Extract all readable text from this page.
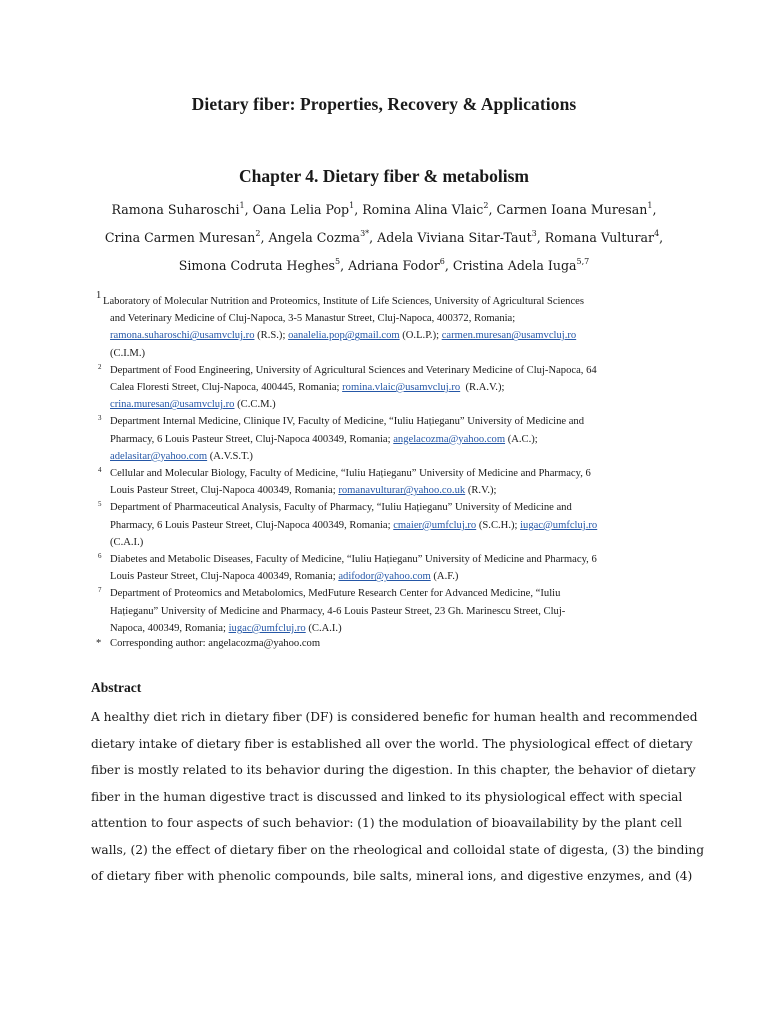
Dietary fiber: Properties, Recovery & Applications
Chapter 4. Dietary fiber & metabolism
Ramona Suharoschi$^1$, Oana Lelia Pop$^1$, Romina Alina Vlaic$^2$, Carmen Ioana Muresan$^1$, Crina Carmen Muresan$^2$, Angela Cozma$^{3*}$, Adela Viviana Sitar-Taut$^3$, Romana Vulturar$^4$, Simona Codruta Heghes$^5$, Adriana Fodor$^6$, Cristina Adela Iuga$^{5,7}$
1
Laboratory of Molecular Nutrition and Proteomics, Institute of Life Sciences, University of Agricultural Sciences
and Veterinary Medicine of Cluj-Napoca, 3-5 Manastur Street, Cluj-Napoca, 400372, Romania;
ramona.suharoschi@usamvcluj.ro (R.S.); oanalelia.pop@gmail.com (O.L.P.); carmen.muresan@usamvcluj.ro
(C.I.M.)
2 Department of Food Engineering, University of Agricultural Sciences and Veterinary Medicine of Cluj-Napoca, 64
Calea Floresti Street, Cluj-Napoca, 400445, Romania; romina.vlaic@usamvcluj.ro  (R.A.V.);
crina.muresan@usamvcluj.ro (C.C.M.)
3 Department Internal Medicine, Clinique IV, Faculty of Medicine, “Iuliu Hațieganu” University of Medicine and
Pharmacy, 6 Louis Pasteur Street, Cluj-Napoca 400349, Romania; angelacozma@yahoo.com (A.C.);
adelasitar@yahoo.com (A.V.S.T.)
4 Cellular and Molecular Biology, Faculty of Medicine, “Iuliu Hațieganu” University of Medicine and Pharmacy, 6
Louis Pasteur Street, Cluj-Napoca 400349, Romania; romanavulturar@yahoo.co.uk (R.V.);
5 Department of Pharmaceutical Analysis, Faculty of Pharmacy, “Iuliu Hațieganu” University of Medicine and
Pharmacy, 6 Louis Pasteur Street, Cluj-Napoca 400349, Romania; cmaier@umfcluj.ro (S.C.H.); iugac@umfcluj.ro
(C.A.I.)
6 Diabetes and Metabolic Diseases, Faculty of Medicine, “Iuliu Hațieganu” University of Medicine and Pharmacy, 6
Louis Pasteur Street, Cluj-Napoca 400349, Romania; adifodor@yahoo.com (A.F.)
7 Department of Proteomics and Metabolomics, MedFuture Research Center for Advanced Medicine, “Iuliu
Hațieganu” University of Medicine and Pharmacy, 4-6 Louis Pasteur Street, 23 Gh. Marinescu Street, Cluj-
Napoca, 400349, Romania; iugac@umfcluj.ro (C.A.I.)
* Corresponding author: angelacozma@yahoo.com
Abstract
A healthy diet rich in dietary fiber (DF) is considered benefic for human health and recommended
dietary intake of dietary fiber is established all over the world. The physiological effect of dietary
fiber is mostly related to its behavior during the digestion. In this chapter, the behavior of dietary
fiber in the human digestive tract is discussed and linked to its physiological effect with special
attention to four aspects of such behavior: (1) the modulation of bioavailability by the plant cell
walls, (2) the effect of dietary fiber on the rheological and colloidal state of digesta, (3) the binding
of dietary fiber with phenolic compounds, bile salts, mineral ions, and digestive enzymes, and (4)
